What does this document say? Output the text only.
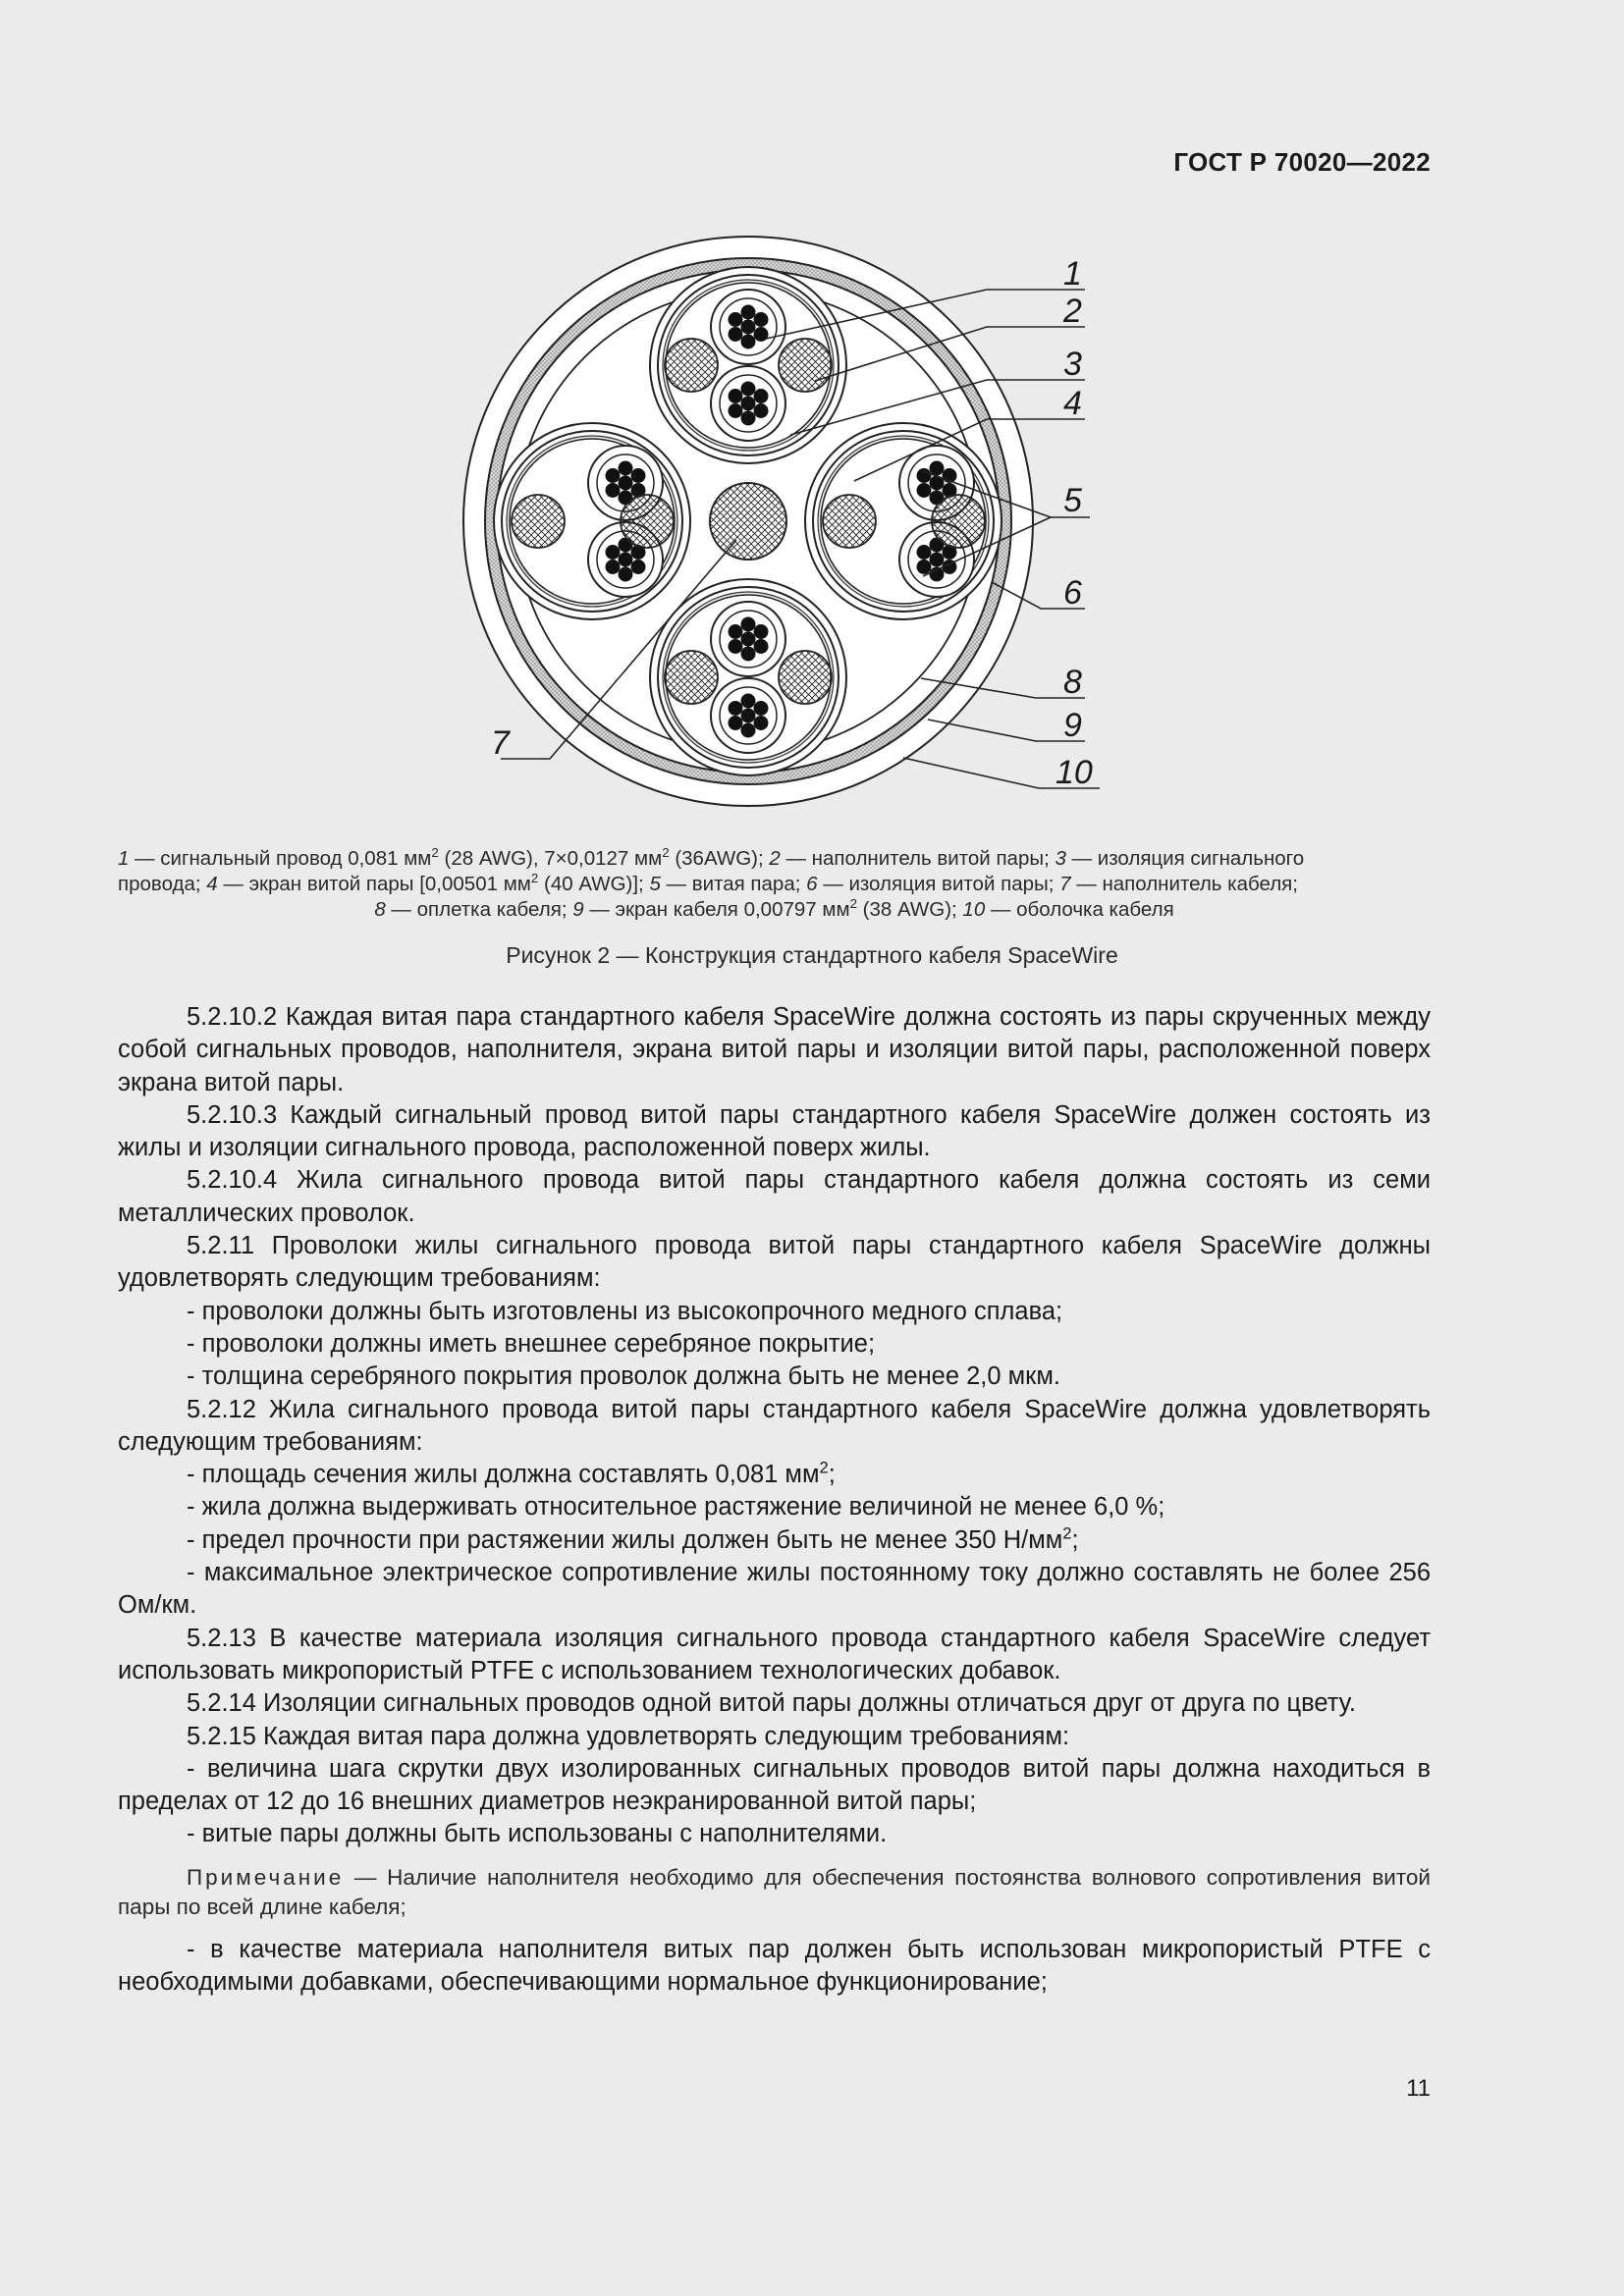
ГОСТ Р 70020—2022
1
2
3
4
5
6
7
8
9
10

1 — сигнальный провод 0,081 $мм^2$ (28 AWG), 7×0,0127 $мм^2$ (36AWG); 2 — наполнитель витой пары; 3 — изоляция сигнального

провода; 4 — экран витой пары [0,00501 $мм^2$ (40 AWG)]; 5 — витая пара; 6 — изоляция витой пары; 7 — наполнитель кабеля;

8 — оплетка кабеля; 9 — экран кабеля 0,00797 $мм^2$ (38 AWG); 10 — оболочка кабеля

Рисунок 2 — Конструкция стандартного кабеля SpaceWire

5.2.10.2 Каждая витая пара стандартного кабеля SpaceWire должна состоять из пары скрученных между собой сигнальных проводов, наполнителя, экрана витой пары и изоляции витой пары, расположенной поверх экрана витой пары.

5.2.10.3 Каждый сигнальный провод витой пары стандартного кабеля SpaceWire должен состоять из жилы и изоляции сигнального провода, расположенной поверх жилы.

5.2.10.4 Жила сигнального провода витой пары стандартного кабеля должна состоять из семи металлических проволок.

5.2.11 Проволоки жилы сигнального провода витой пары стандартного кабеля SpaceWire должны удовлетворять следующим требованиям:

- проволоки должны быть изготовлены из высокопрочного медного сплава;

- проволоки должны иметь внешнее серебряное покрытие;

- толщина серебряного покрытия проволок должна быть не менее 2,0 мкм.

5.2.12 Жила сигнального провода витой пары стандартного кабеля SpaceWire должна удовлетворять следующим требованиям:

- площадь сечения жилы должна составлять 0,081 $мм^2$;

- жила должна выдерживать относительное растяжение величиной не менее 6,0 %;

- предел прочности при растяжении жилы должен быть не менее 350 $Н/мм^2$;

- максимальное электрическое сопротивление жилы постоянному току должно составлять не более 256 Ом/км.

5.2.13 В качестве материала изоляция сигнального провода стандартного кабеля SpaceWire следует использовать микропористый PTFE с использованием технологических добавок.

5.2.14 Изоляции сигнальных проводов одной витой пары должны отличаться друг от друга по цвету.

5.2.15 Каждая витая пара должна удовлетворять следующим требованиям:

- величина шага скрутки двух изолированных сигнальных проводов витой пары должна находиться в пределах от 12 до 16 внешних диаметров неэкранированной витой пары;

- витые пары должны быть использованы с наполнителями.

Примечание — Наличие наполнителя необходимо для обеспечения постоянства волнового сопротивления витой пары по всей длине кабеля;

- в качестве материала наполнителя витых пар должен быть использован микропористый PTFE с необходимыми добавками, обеспечивающими нормальное функционирование;

11
